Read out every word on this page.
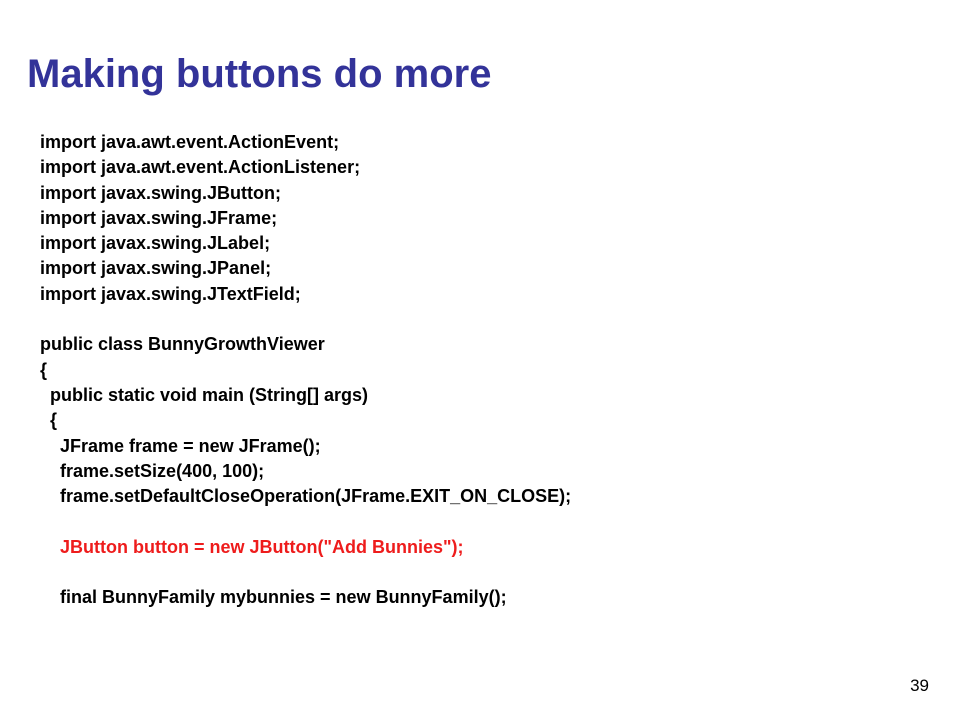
Making buttons do more
import java.awt.event.ActionEvent;
import java.awt.event.ActionListener;
import javax.swing.JButton;
import javax.swing.JFrame;
import javax.swing.JLabel;
import javax.swing.JPanel;
import javax.swing.JTextField;
public class BunnyGrowthViewer
{
public static void main (String[] args)
{
JFrame frame = new JFrame();
frame.setSize(400, 100);
frame.setDefaultCloseOperation(JFrame.EXIT_ON_CLOSE);
JButton button = new JButton("Add Bunnies");
final BunnyFamily mybunnies = new BunnyFamily();
39
